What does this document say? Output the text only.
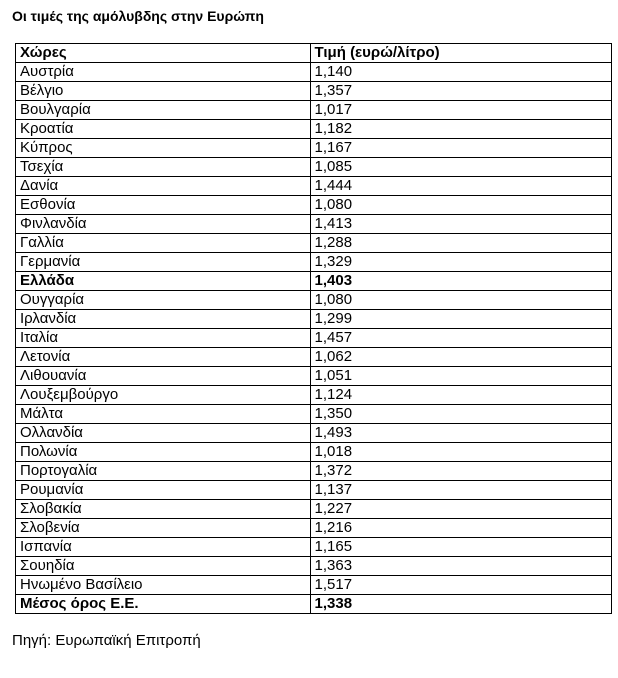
Οι τιμές της αμόλυβδης στην Ευρώπη
Χώρες	Τιμή (ευρώ/λίτρο)
Αυστρία	1,140
Βέλγιο	1,357
Βουλγαρία	1,017
Κροατία	1,182
Κύπρος	1,167
Τσεχία	1,085
Δανία	1,444
Εσθονία	1,080
Φινλανδία	1,413
Γαλλία	1,288
Γερμανία	1,329
Ελλάδα	1,403
Ουγγαρία	1,080
Ιρλανδία	1,299
Ιταλία	1,457
Λετονία	1,062
Λιθουανία	1,051
Λουξεμβούργο	1,124
Μάλτα	1,350
Ολλανδία	1,493
Πολωνία	1,018
Πορτογαλία	1,372
Ρουμανία	1,137
Σλοβακία	1,227
Σλοβενία	1,216
Ισπανία	1,165
Σουηδία	1,363
Ηνωμένο Βασίλειο	1,517
Μέσος όρος Ε.Ε.	1,338
Πηγή: Ευρωπαϊκή Επιτροπή
